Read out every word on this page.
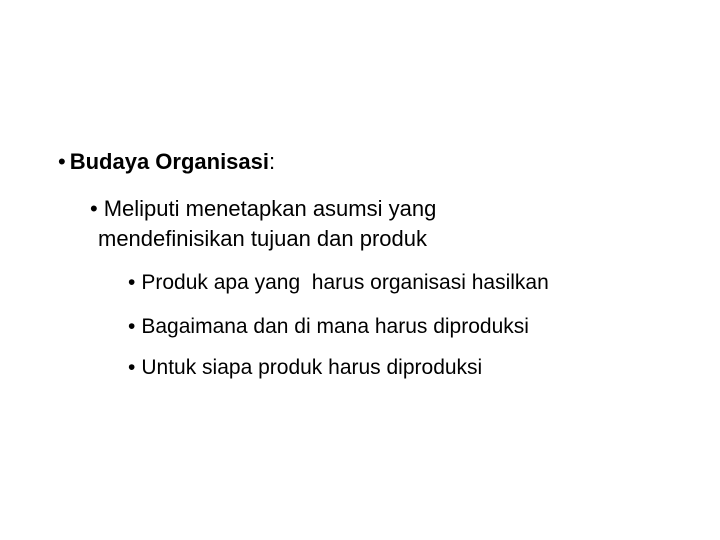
• Budaya Organisasi:
• Meliputi menetapkan asumsi yang
mendefinisikan tujuan dan produk
• Produk apa yang  harus organisasi hasilkan
• Bagaimana dan di mana harus diproduksi
• Untuk siapa produk harus diproduksi
